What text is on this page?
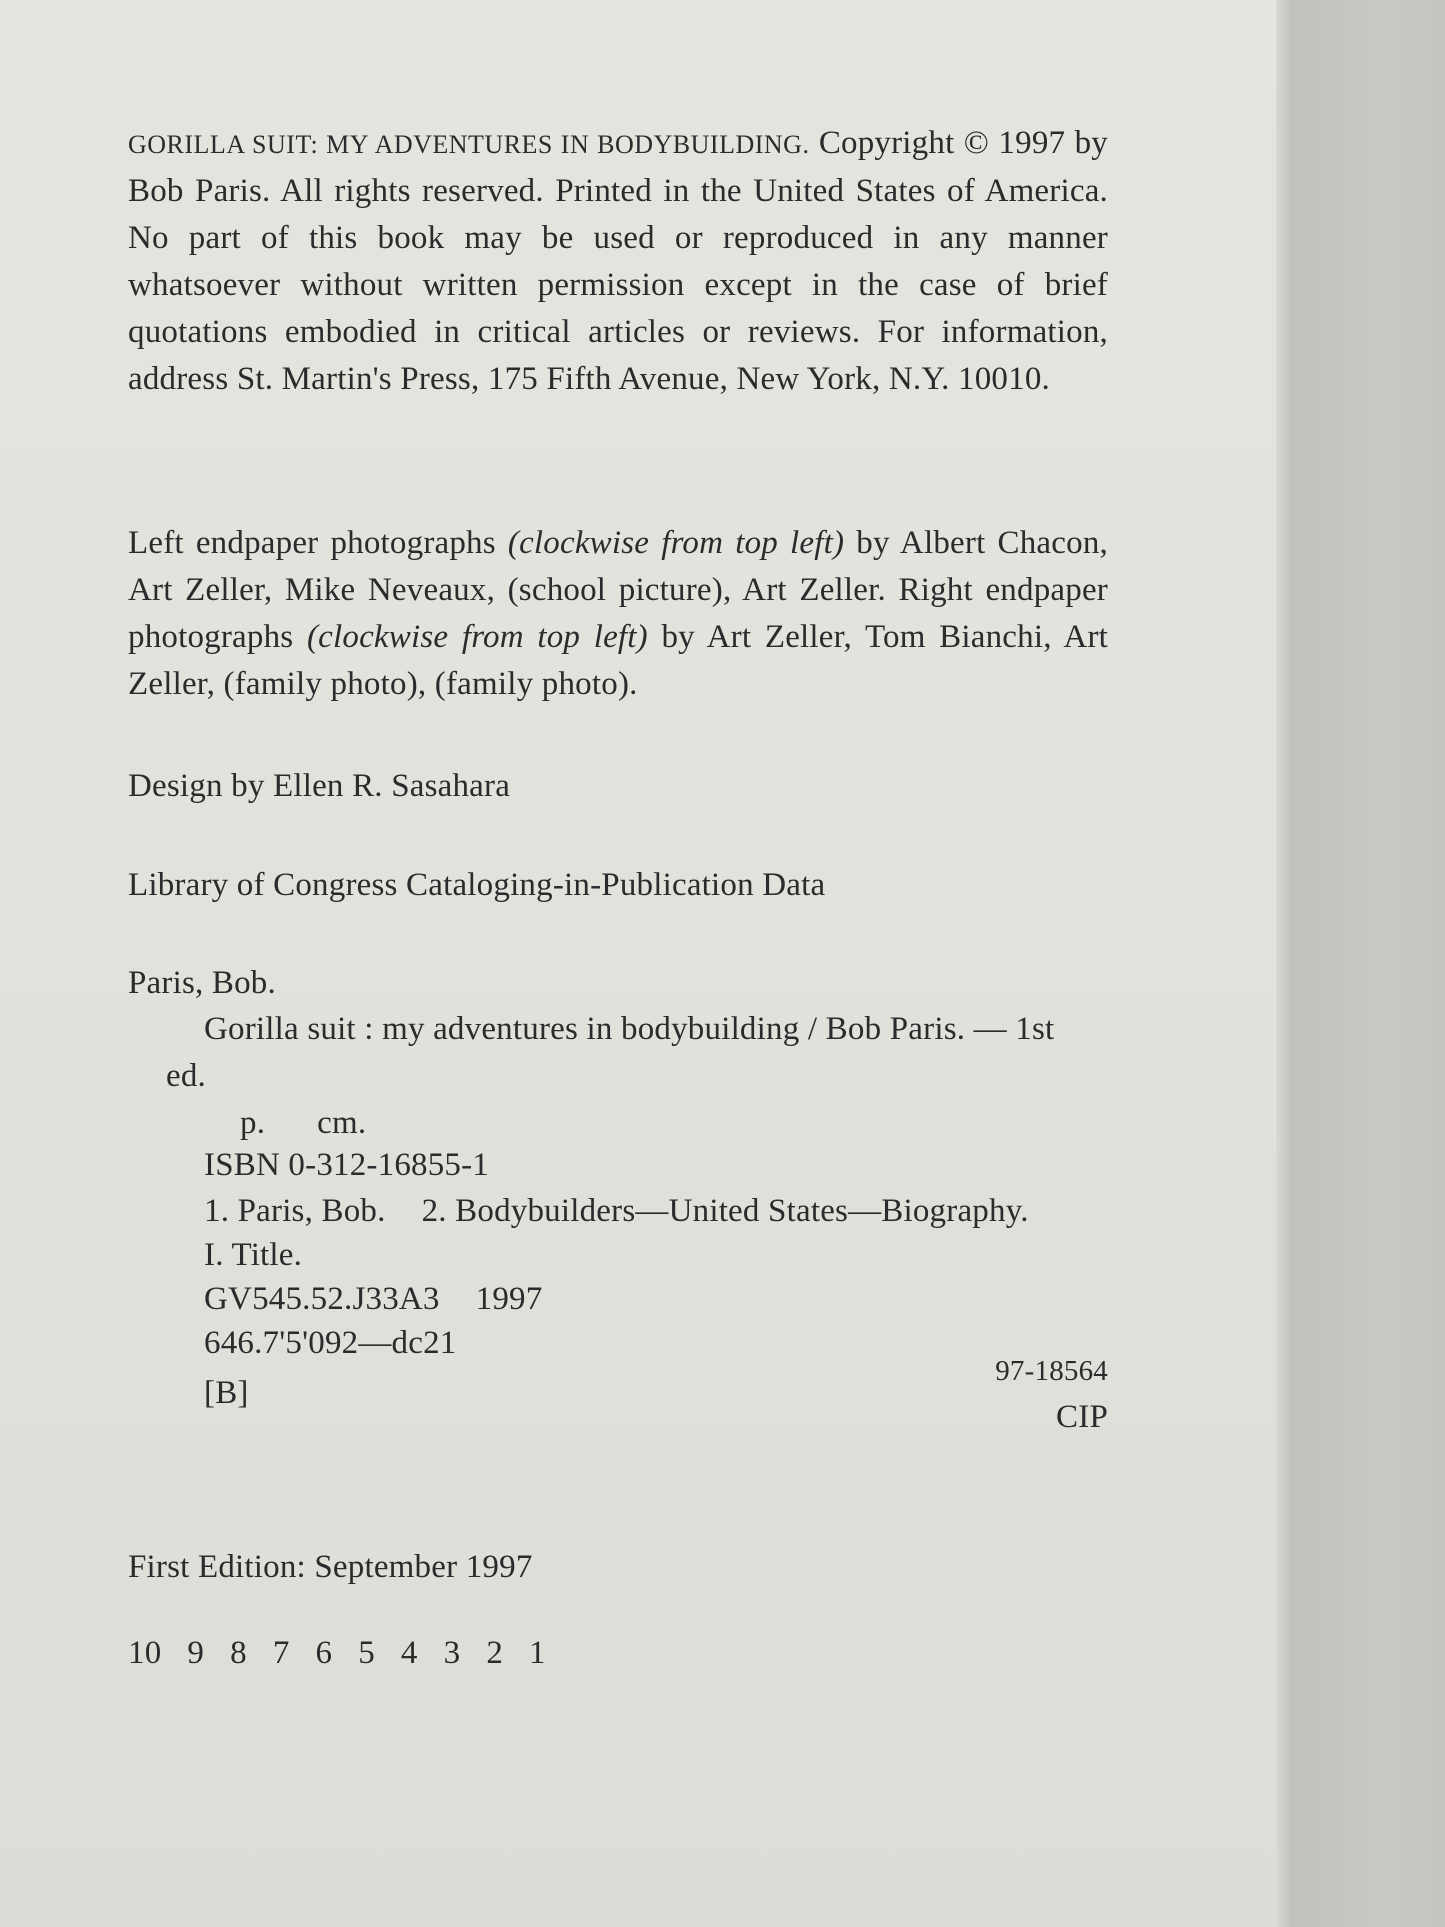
GORILLA SUIT: MY ADVENTURES IN BODYBUILDING. Copyright © 1997 by Bob Paris. All rights reserved. Printed in the United States of America. No part of this book may be used or reproduced in any manner whatsoever without written permission except in the case of brief quotations embodied in critical articles or reviews. For information, address St. Martin's Press, 175 Fifth Avenue, New York, N.Y. 10010.

Left endpaper photographs (clockwise from top left) by Albert Chacon, Art Zeller, Mike Neveaux, (school picture), Art Zeller. Right endpaper photographs (clockwise from top left) by Art Zeller, Tom Bianchi, Art Zeller, (family photo), (family photo).

Design by Ellen R. Sasahara

Library of Congress Cataloging-in-Publication Data

Paris, Bob.
Gorilla suit : my adventures in bodybuilding / Bob Paris. — 1st
ed.
p. cm.
ISBN 0-312-16855-1
1. Paris, Bob. 2. Bodybuilders—United States—Biography.
I. Title.
GV545.52.J33A3 1997
646.7'5'092—dc21
[B]
97-18564
CIP

First Edition: September 1997

10 9 8 7 6 5 4 3 2 1
